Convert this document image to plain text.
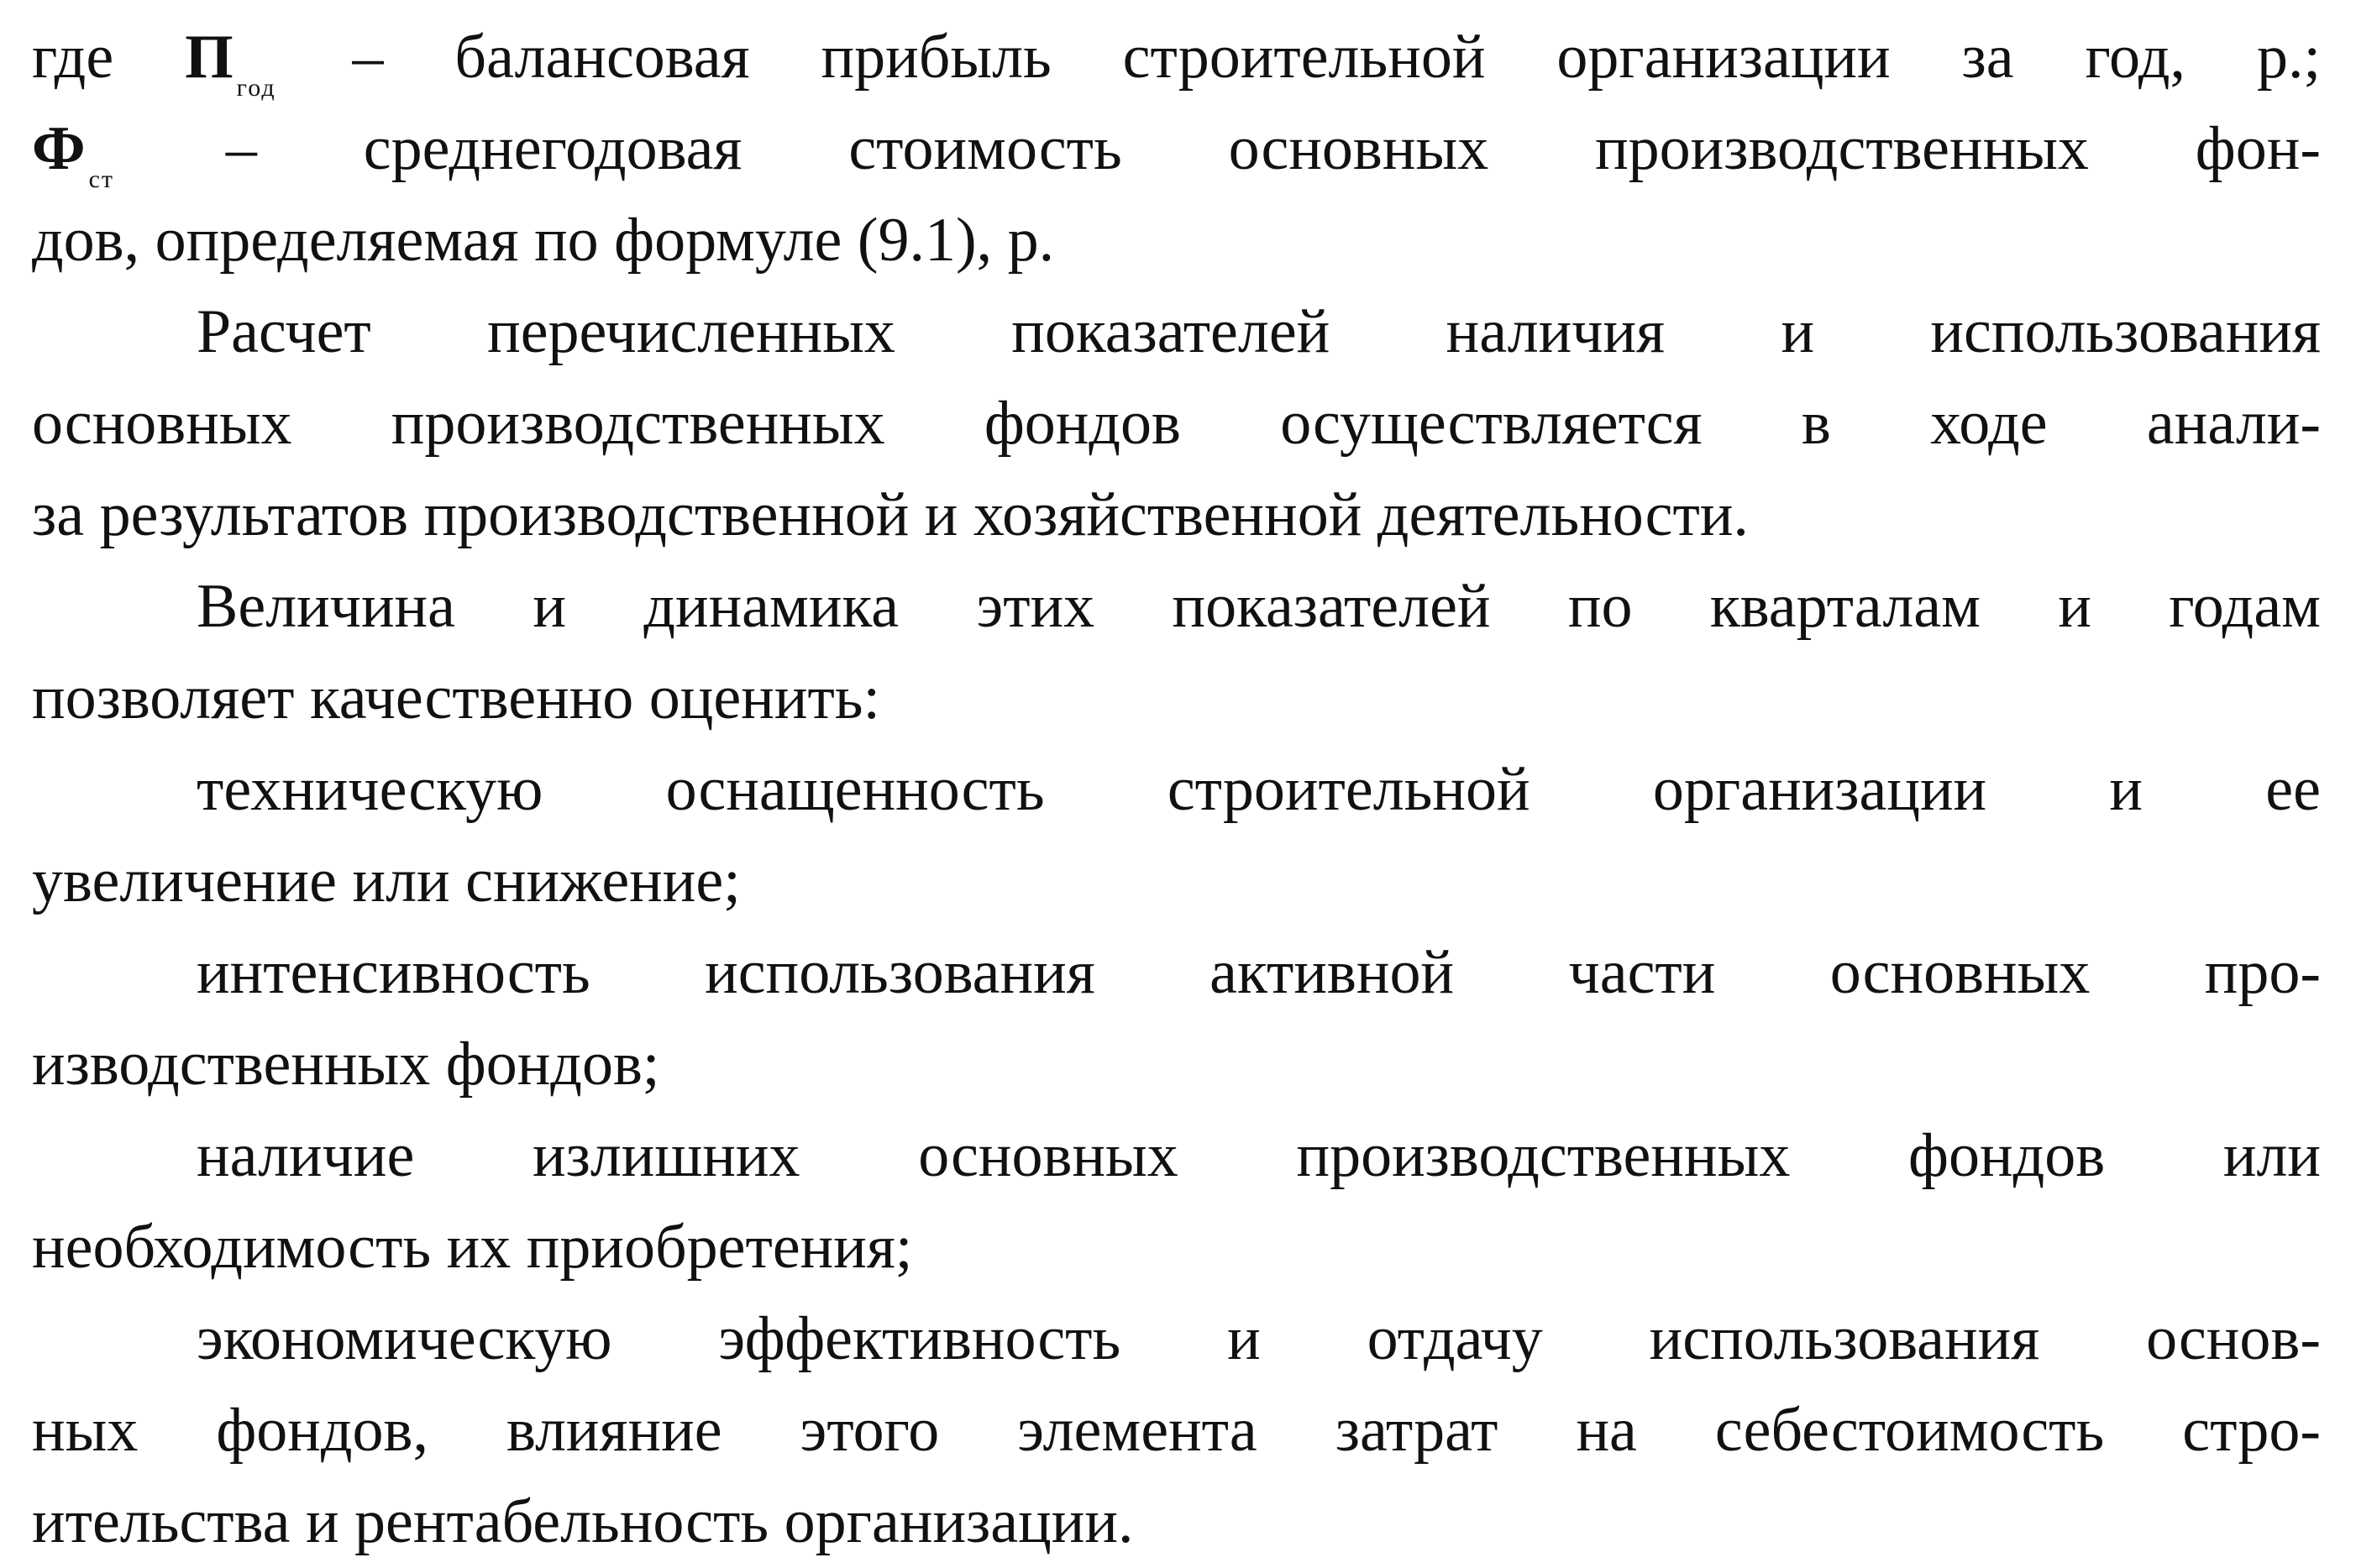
где П $_{год}$ – балансовая прибыль строительной организации за год, р.;
Ф $_{ст}$ – среднегодовая стоимость основных производственных фон-
дов, определяемая по формуле (9.1), р.
Расчет перечисленных показателей наличия и использования
основных производственных фондов осуществляется в ходе анали-
за результатов производственной и хозяйственной деятельности.
Величина и динамика этих показателей по кварталам и годам
позволяет качественно оценить:
техническую оснащенность строительной организации и ее
увеличение или снижение;
интенсивность использования активной части основных про-
изводственных фондов;
наличие излишних основных производственных фондов или
необходимость их приобретения;
экономическую эффективность и отдачу использования основ-
ных фондов, влияние этого элемента затрат на себестоимость стро-
ительства и рентабельность организации.
